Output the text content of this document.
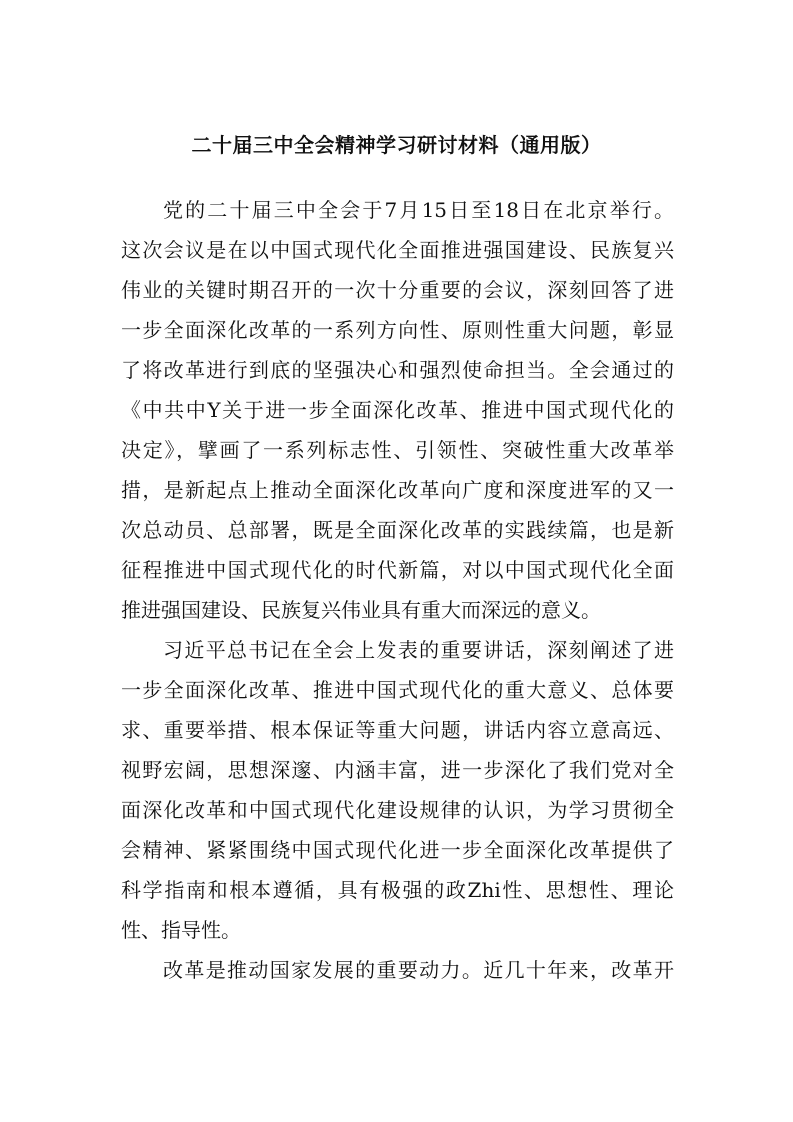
二十届三中全会精神学习研讨材料（通用版）
党的二十届三中全会于7月15日至18日在北京举行。
这次会议是在以中国式现代化全面推进强国建设、民族复兴
伟业的关键时期召开的一次十分重要的会议，深刻回答了进
一步全面深化改革的一系列方向性、原则性重大问题，彰显
了将改革进行到底的坚强决心和强烈使命担当。全会通过的
《中共中Y关于进一步全面深化改革、推进中国式现代化的
决定》，擘画了一系列标志性、引领性、突破性重大改革举
措，是新起点上推动全面深化改革向广度和深度进军的又一
次总动员、总部署，既是全面深化改革的实践续篇，也是新
征程推进中国式现代化的时代新篇，对以中国式现代化全面
推进强国建设、民族复兴伟业具有重大而深远的意义。
习近平总书记在全会上发表的重要讲话，深刻阐述了进
一步全面深化改革、推进中国式现代化的重大意义、总体要
求、重要举措、根本保证等重大问题，讲话内容立意高远、
视野宏阔，思想深邃、内涵丰富，进一步深化了我们党对全
面深化改革和中国式现代化建设规律的认识，为学习贯彻全
会精神、紧紧围绕中国式现代化进一步全面深化改革提供了
科学指南和根本遵循，具有极强的政Zhi性、思想性、理论
性、指导性。
改革是推动国家发展的重要动力。近几十年来，改革开
